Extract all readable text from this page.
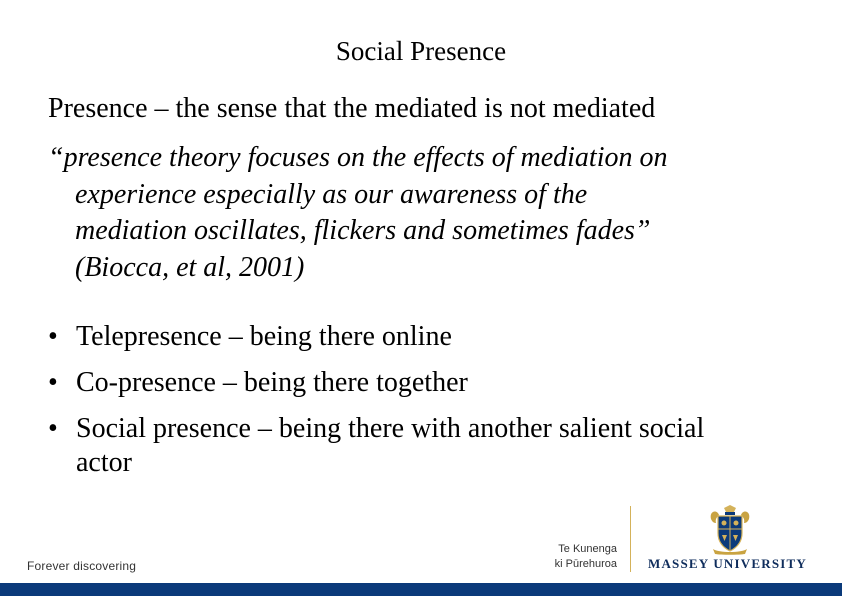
Social Presence
Presence – the sense that the mediated is not mediated
“presence theory focuses on the effects of mediation on
experience especially as our awareness of the
mediation oscillates, flickers and sometimes fades”
(Biocca, et al, 2001)
• Telepresence – being there online
• Co-presence – being there together
• Social presence – being there with another salient social
actor
Forever discovering
Te Kunenga
ki Pūrehuroa MASSEY UNIVERSITY
